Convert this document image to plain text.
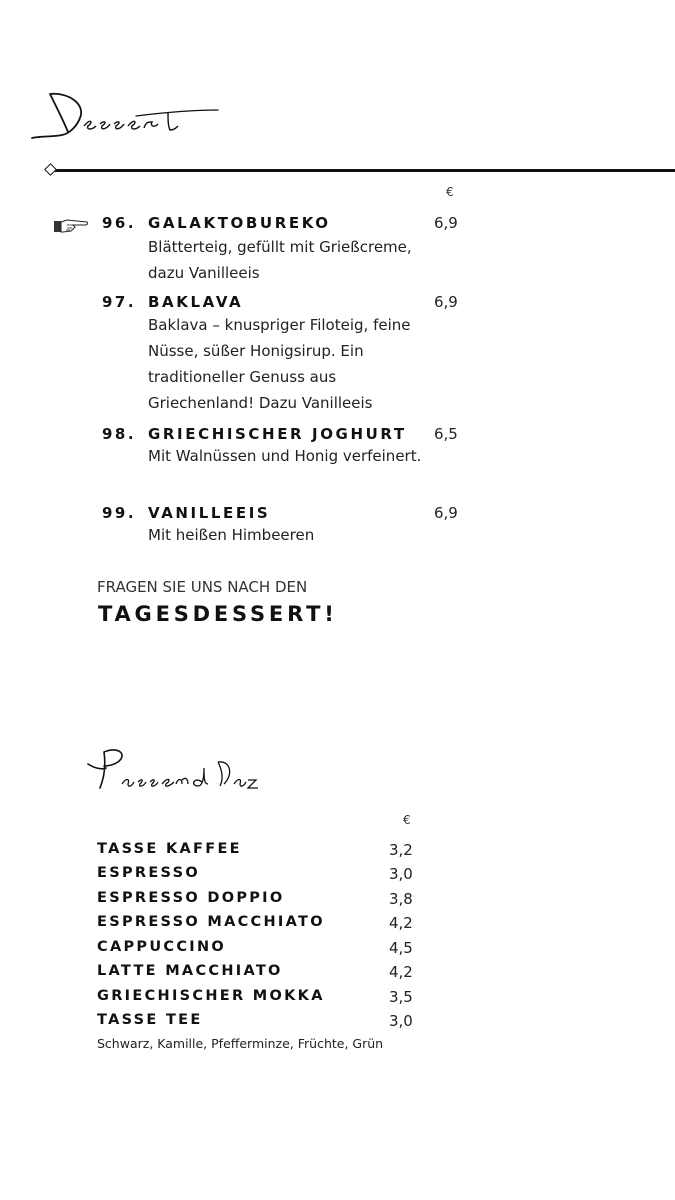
€
96. GALAKTOBUREKO	6,9
Blätterteig, gefüllt mit Grießcreme,
dazu Vanilleeis
97. BAKLAVA	6,9
Baklava – knuspriger Filoteig, feine
Nüsse, süßer Honigsirup. Ein
traditioneller Genuss aus
Griechenland! Dazu Vanilleeis
98. GRIECHISCHER JOGHURT 6,5
Mit Walnüssen und Honig verfeinert.
99. VANILLEEIS	6,9
Mit heißen Himbeeren
FRAGEN SIE UNS NACH DEN
TAGESDESSERT!
€
TASSE KAFFEE	3,2
ESPRESSO	3,0
ESPRESSO DOPPIO	3,8
ESPRESSO MACCHIATO	4,2
CAPPUCCINO	4,5
LATTE MACCHIATO	4,2
GRIECHISCHER MOKKA	3,5
TASSE TEE	3,0
Schwarz, Kamille, Pfefferminze, Früchte, Grün
